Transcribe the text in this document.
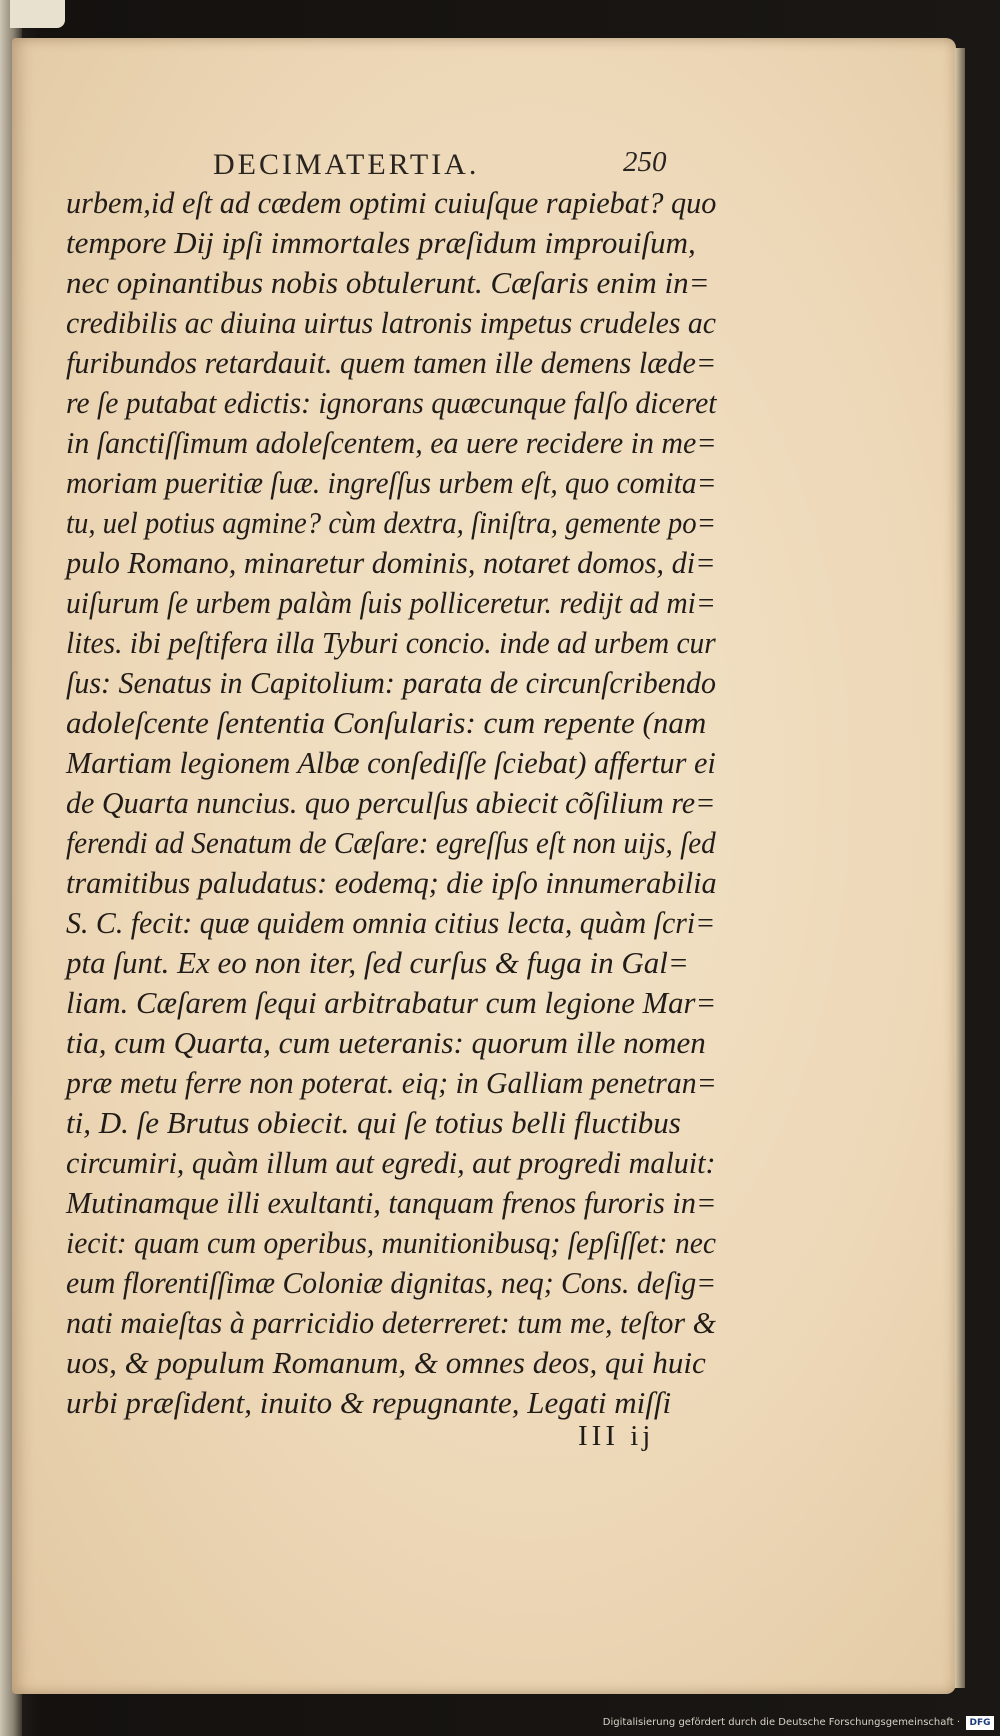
DECIMATERTIA.	250
urbem,id eſt ad cædem optimi cuiuſque rapiebat? quo
tempore Dij ipſi immortales præſidum improuiſum,
nec opinantibus nobis obtulerunt. Cæſaris enim in=
credibilis ac diuina uirtus latronis impetus crudeles ac furibundos retardauit. quem tamen ille demens læde= re ſe putabat edictis: ignorans quæcunque falſo diceret in ſanctiſſimum adoleſcentem, ea uere recidere in me= moriam pueritiæ ſuæ. ingreſſus urbem eſt, quo comita= tu, uel potius agmine? cùm dextra, ſiniſtra, gemente po= pulo Romano, minaretur dominis, notaret domos, di= uiſurum ſe urbem palàm ſuis polliceretur. redijt ad mi= lites. ibi peſtifera illa Tyburi concio. inde ad urbem cur ſus: Senatus in Capitolium: parata de circunſcribendo
adoleſcente ſententia Conſularis: cum repente (nam
Martiam legionem Albæ conſediſſe ſciebat) affertur ei de Quarta nuncius. quo perculſus abiecit cõſilium re= ferendi ad Senatum de Cæſare: egreſſus eſt non uijs, ſed tramitibus paludatus: eodemq; die ipſo innumerabilia S. C. fecit: quæ quidem omnia citius lecta, quàm ſcri=
pta ſunt. Ex eo non iter, ſed curſus & fuga in Gal=
liam. Cæſarem ſequi arbitrabatur cum legione Mar=
tia, cum Quarta, cum ueteranis: quorum ille nomen
præ metu ferre non poterat. eiq; in Galliam penetran=
ti, D. ſe Brutus obiecit. qui ſe totius belli fluctibus
circumiri, quàm illum aut egredi, aut progredi maluit: Mutinamque illi exultanti, tanquam frenos furoris in= iecit: quam cum operibus, munitionibusq; ſepſiſſet: nec eum florentiſſimæ Coloniæ dignitas, neq; Cons. deſig= nati maieſtas à parricidio deterreret: tum me, teſtor &
uos, & populum Romanum, & omnes deos, qui huic
urbi præſident, inuito & repugnante, Legati miſſi
III ij
Digitalisierung gefördert durch die Deutsche Forschungsgemeinschaft ·	DFG
